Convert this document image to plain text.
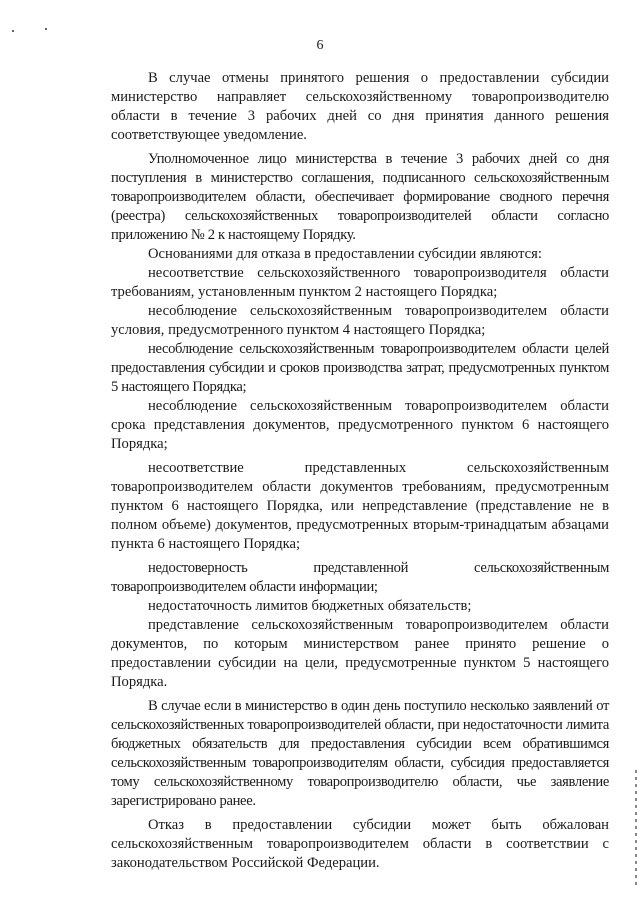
6

В случае отмены принятого решения о предоставлении субсидии министерство направляет сельскохозяйственному товаропроизводителю области в течение 3 рабочих дней со дня принятия данного решения соответствующее уведомление.

Уполномоченное лицо министерства в течение 3 рабочих дней со дня поступления в министерство соглашения, подписанного сельскохозяйственным товаропроизводителем области, обеспечивает формирование сводного перечня (реестра) сельскохозяйственных товаропроизводителей области согласно приложению № 2 к настоящему Порядку.

Основаниями для отказа в предоставлении субсидии являются:

несоответствие сельскохозяйственного товаропроизводителя области требованиям, установленным пунктом 2 настоящего Порядка;

несоблюдение сельскохозяйственным товаропроизводителем области условия, предусмотренного пунктом 4 настоящего Порядка;

несоблюдение сельскохозяйственным товаропроизводителем области целей предоставления субсидии и сроков производства затрат, предусмотренных пунктом 5 настоящего Порядка;

несоблюдение сельскохозяйственным товаропроизводителем области срока представления документов, предусмотренного пунктом 6 настоящего Порядка;

несоответствие представленных сельскохозяйственным товаропроизводителем области документов требованиям, предусмотренным пунктом 6 настоящего Порядка, или непредставление (представление не в полном объеме) документов, предусмотренных вторым-тринадцатым абзацами пункта 6 настоящего Порядка;

недостоверность представленной сельскохозяйственным товаропроизводителем области информации;

недостаточность лимитов бюджетных обязательств;

представление сельскохозяйственным товаропроизводителем области документов, по которым министерством ранее принято решение о предоставлении субсидии на цели, предусмотренные пунктом 5 настоящего Порядка.

В случае если в министерство в один день поступило несколько заявлений от сельскохозяйственных товаропроизводителей области, при недостаточности лимита бюджетных обязательств для предоставления субсидии всем обратившимся сельскохозяйственным товаропроизводителям области, субсидия предоставляется тому сельскохозяйственному товаропроизводителю области, чье заявление зарегистрировано ранее.

Отказ в предоставлении субсидии может быть обжалован сельскохозяйственным товаропроизводителем области в соответствии с законодательством Российской Федерации.
